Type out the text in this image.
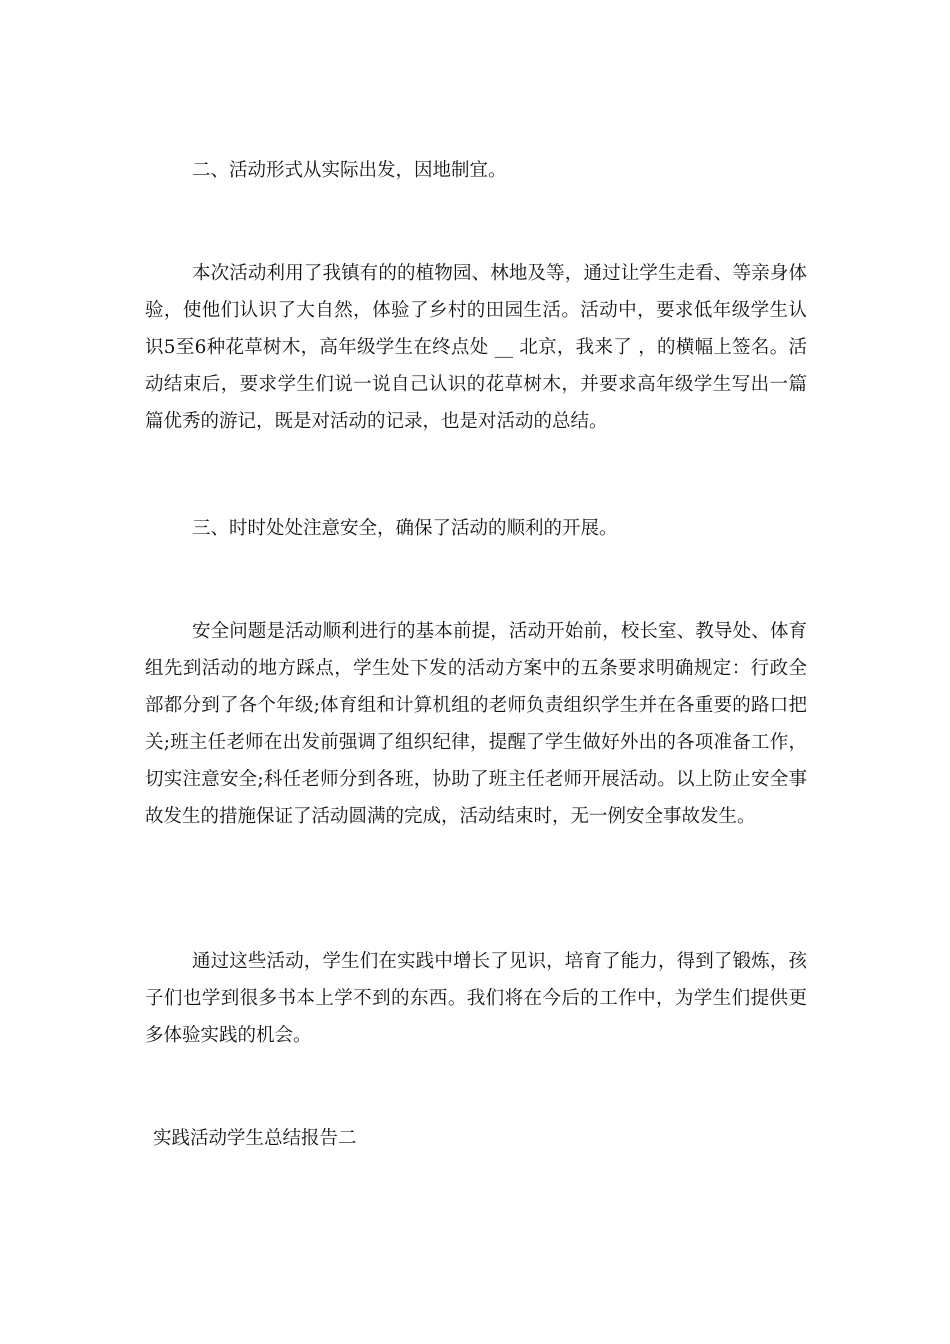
二、活动形式从实际出发，因地制宜。

本次活动利用了我镇有的的植物园、林地及等，通过让学生走看、等亲身体验，使他们认识了大自然，体验了乡村的田园生活。活动中，要求低年级学生认识5至6种花草树木，高年级学生在终点处 __ 北京，我来了 ，的横幅上签名。活动结束后，要求学生们说一说自己认识的花草树木，并要求高年级学生写出一篇篇优秀的游记，既是对活动的记录，也是对活动的总结。

三、时时处处注意安全，确保了活动的顺利的开展。

安全问题是活动顺利进行的基本前提，活动开始前，校长室、教导处、体育组先到活动的地方踩点，学生处下发的活动方案中的五条要求明确规定：行政全部都分到了各个年级;体育组和计算机组的老师负责组织学生并在各重要的路口把关;班主任老师在出发前强调了组织纪律，提醒了学生做好外出的各项准备工作，切实注意安全;科任老师分到各班，协助了班主任老师开展活动。以上防止安全事故发生的措施保证了活动圆满的完成，活动结束时，无一例安全事故发生。

通过这些活动，学生们在实践中增长了见识，培育了能力，得到了锻炼，孩子们也学到很多书本上学不到的东西。我们将在今后的工作中，为学生们提供更多体验实践的机会。

实践活动学生总结报告二
